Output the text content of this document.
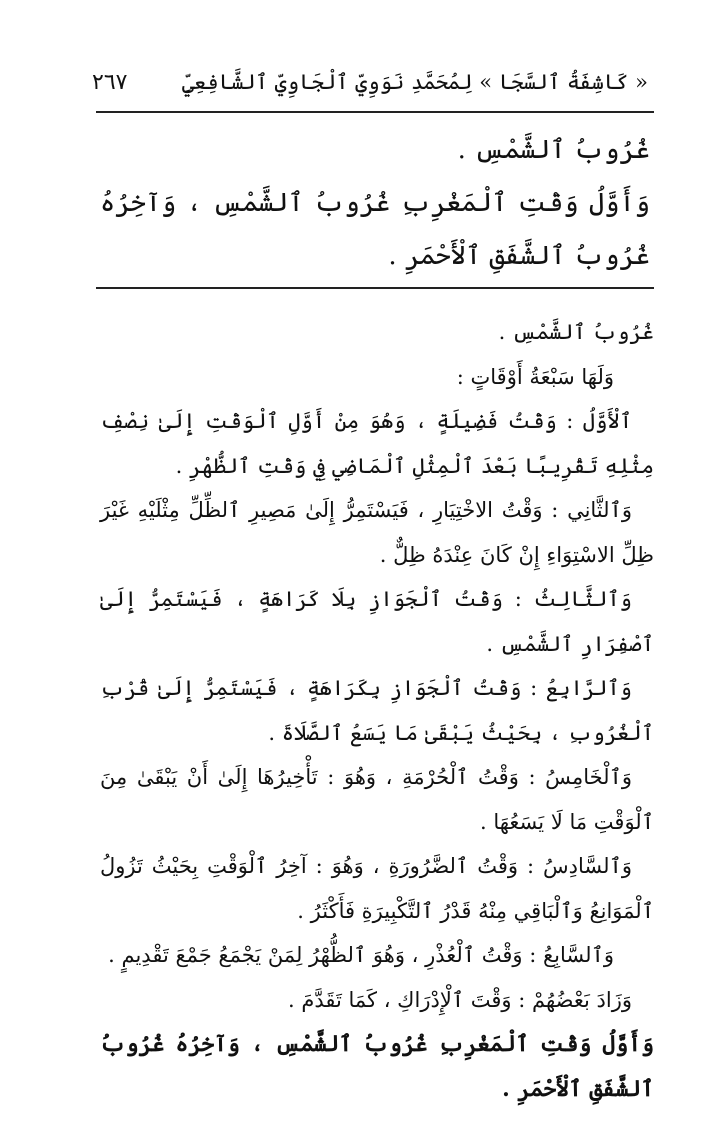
« كَاشِفَةُ ٱلسَّجَا » لِمُحَمَّدِ نَوَوِيِّ ٱلْجَاوِيِّ ٱلشَّافِعِيِّ
٢٦٧

غُرُوبُ ٱلشَّمْسِ .

وَأَوَّلُ وَقْتِ ٱلْمَغْرِبِ غُرُوبُ ٱلشَّمْسِ ، وَآخِرُهُ غُرُوبُ ٱلشَّفَقِ ٱلْأَحْمَرِ .

غُرُوبُ ٱلشَّمْسِ .

وَلَهَا سَبْعَةُ أَوْقَاتٍ :

ٱلْأَوَّلُ : وَقْتُ فَضِيلَةٍ ، وَهُوَ مِنْ أَوَّلِ ٱلْوَقْتِ إِلَىٰ نِصْفِ مِثْلِهِ تَقْرِيبًا بَعْدَ ٱلْمِثْلِ ٱلْمَاضِي فِي وَقْتِ ٱلظُّهْرِ .

وَٱلثَّانِي : وَقْتُ الاخْتِيَارِ ، فَيَسْتَمِرُّ إِلَىٰ مَصِيرِ ٱلظِّلِّ مِثْلَيْهِ غَيْرَ ظِلِّ الاسْتِوَاءِ إِنْ كَانَ عِنْدَهُ ظِلٌّ .

وَٱلثَّالِثُ : وَقْتُ ٱلْجَوَازِ بِلَا كَرَاهَةٍ ، فَيَسْتَمِرُّ إِلَىٰ ٱصْفِرَارِ ٱلشَّمْسِ .

وَٱلرَّابِعُ : وَقْتُ ٱلْجَوَازِ بِكَرَاهَةٍ ، فَيَسْتَمِرُّ إِلَىٰ قُرْبِ ٱلْغُرُوبِ ، بِحَيْثُ يَبْقَىٰ مَا يَسَعُ ٱلصَّلَاةَ .

وَٱلْخَامِسُ : وَقْتُ ٱلْحُرْمَةِ ، وَهُوَ : تَأْخِيرُهَا إِلَىٰ أَنْ يَبْقَىٰ مِنَ ٱلْوَقْتِ مَا لَا يَسَعُهَا .

وَٱلسَّادِسُ : وَقْتُ ٱلضَّرُورَةِ ، وَهُوَ : آخِرُ ٱلْوَقْتِ بِحَيْثُ تَزُولُ ٱلْمَوَانِعُ وَٱلْبَاقِي مِنْهُ قَدْرُ ٱلتَّكْبِيرَةِ فَأَكْثَرُ .

وَٱلسَّابِعُ : وَقْتُ ٱلْعُذْرِ ، وَهُوَ ٱلظُّهْرُ لِمَنْ يَجْمَعُ جَمْعَ تَقْدِيمٍ .

وَزَادَ بَعْضُهُمْ : وَقْتَ ٱلْإِدْرَاكِ ، كَمَا تَقَدَّمَ .

وَأَوَّلُ وَقْتِ ٱلْمَغْرِبِ غُرُوبُ ٱلشَّمْسِ ، وَآخِرُهُ غُرُوبُ ٱلشَّفَقِ ٱلْأَحْمَرِ .
